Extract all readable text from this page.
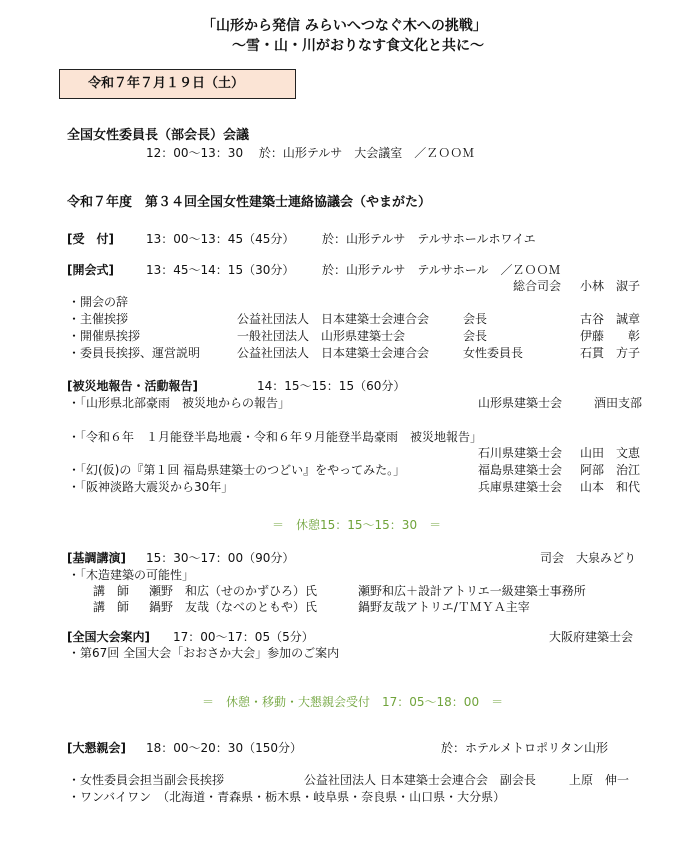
「山形から発信 みらいへつなぐ木への挑戦」
～雪・山・川がおりなす食文化と共に～
令和７年７月１９日（土）
全国女性委員長（部会長）会議
12：00～13：30　 於：山形テルサ　大会議室　／ＺＯＯＭ
令和７年度　第３４回全国女性建築士連絡協議会（やまがた）
[受　付]	13：00～13：45（45分） 於：山形テルサ　テルサホールホワイエ
[開会式]	13：45～14：15（30分） 於：山形テルサ　テルサホール　／ＺＯＯＭ
総合司会 小林　淑子
・開会の辞
・主催挨拶	公益社団法人　日本建築士会連合会	会長	古谷　誠章
・開催県挨拶	一般社団法人　山形県建築士会	会長	伊藤　　彰
・委員長挨拶、運営説明	公益社団法人　日本建築士会連合会	女性委員長	石貫　方子
[被災地報告・活動報告]	14：15～15：15（60分）
・「山形県北部豪雨　被災地からの報告」	山形県建築士会	酒田支部
・「令和６年　１月能登半島地震・令和６年９月能登半島豪雨　被災地報告」
石川県建築士会 山田　文恵
・「幻(仮)の『第１回 福島県建築士のつどい』をやってみた。」	福島県建築士会 阿部　治江
・「阪神淡路大震災から30年」	兵庫県建築士会 山本　和代
＝　休憩15：15～15：30　＝
[基調講演] 15：30～17：00（90分）	司会　大泉みどり
・「木造建築の可能性」
講　師 瀬野　和広（せのかずひろ）氏	瀬野和広＋設計アトリエ一級建築士事務所
講　師 鍋野　友哉（なべのともや）氏	鍋野友哉アトリエ/ＴＭＹＡ主宰
[全国大会案内] 17：00～17：05（5分）	大阪府建築士会
・第67回 全国大会「おおさか大会」参加のご案内
＝　休憩・移動・大懇親会受付　17：05～18：00　＝
[大懇親会] 18：00～20：30（150分）	於：ホテルメトロポリタン山形
・女性委員会担当副会長挨拶	公益社団法人 日本建築士会連合会　副会長	上原　伸一
・ワンバイワン　（北海道・青森県・栃木県・岐阜県・奈良県・山口県・大分県）
